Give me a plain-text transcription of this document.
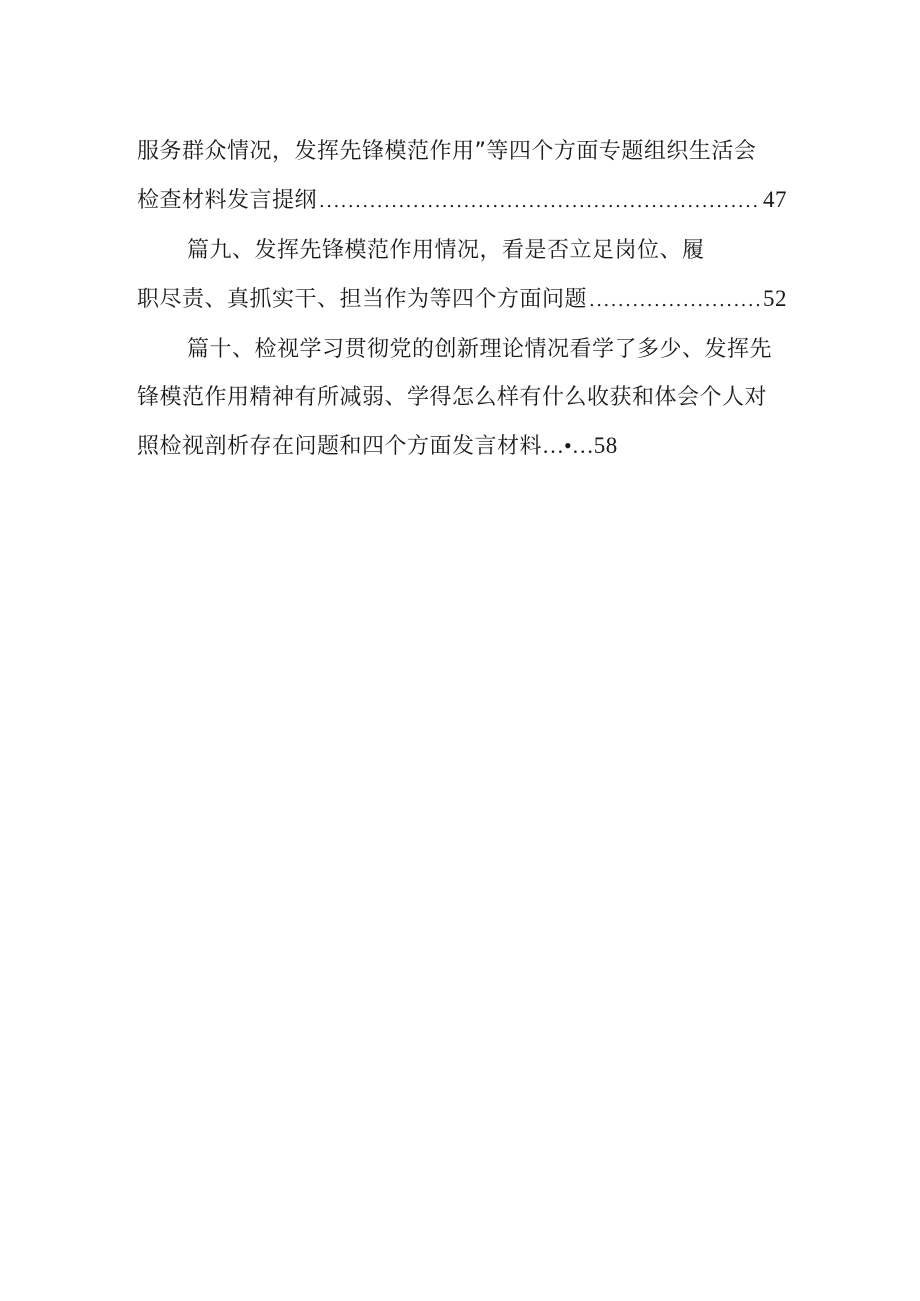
服务群众情况，发挥先锋模范作用”等四个方面专题组织生活会
检查材料发言提纲 .....	47
篇九、发挥先锋模范作用情况，看是否立足岗位、履
职尽责、真抓实干、担当作为等四个方面问题 .....	52
篇十、检视学习贯彻党的创新理论情况看学了多少、发挥先
锋模范作用精神有所减弱、学得怎么样有什么收获和体会个人对
照检视剖析存在问题和四个方面发言材料 …•… 58
